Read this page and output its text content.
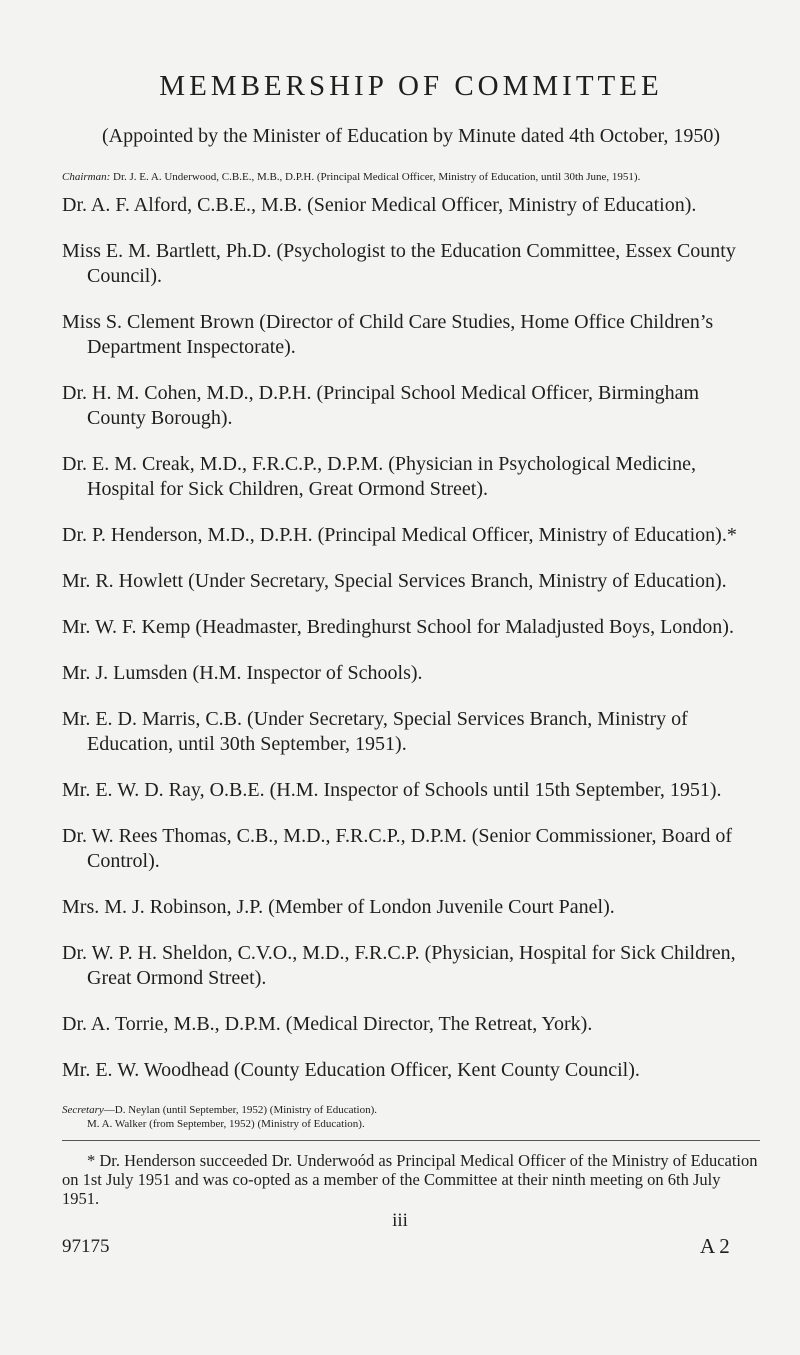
MEMBERSHIP OF COMMITTEE
(Appointed by the Minister of Education by Minute dated 4th October, 1950)
Chairman: Dr. J. E. A. Underwood, C.B.E., M.B., D.P.H. (Principal Medical Officer, Ministry of Education, until 30th June, 1951).
Dr. A. F. Alford, C.B.E., M.B. (Senior Medical Officer, Ministry of Education).
Miss E. M. Bartlett, Ph.D. (Psychologist to the Education Committee, Essex County Council).
Miss S. Clement Brown (Director of Child Care Studies, Home Office Children’s Department Inspectorate).
Dr. H. M. Cohen, M.D., D.P.H. (Principal School Medical Officer, Birmingham County Borough).
Dr. E. M. Creak, M.D., F.R.C.P., D.P.M. (Physician in Psychological Medicine, Hospital for Sick Children, Great Ormond Street).
Dr. P. Henderson, M.D., D.P.H. (Principal Medical Officer, Ministry of Education).*
Mr. R. Howlett (Under Secretary, Special Services Branch, Ministry of Education).
Mr. W. F. Kemp (Headmaster, Bredinghurst School for Maladjusted Boys, London).
Mr. J. Lumsden (H.M. Inspector of Schools).
Mr. E. D. Marris, C.B. (Under Secretary, Special Services Branch, Ministry of Education, until 30th September, 1951).
Mr. E. W. D. Ray, O.B.E. (H.M. Inspector of Schools until 15th September, 1951).
Dr. W. Rees Thomas, C.B., M.D., F.R.C.P., D.P.M. (Senior Commissioner, Board of Control).
Mrs. M. J. Robinson, J.P. (Member of London Juvenile Court Panel).
Dr. W. P. H. Sheldon, C.V.O., M.D., F.R.C.P. (Physician, Hospital for Sick Children, Great Ormond Street).
Dr. A. Torrie, M.B., D.P.M. (Medical Director, The Retreat, York).
Mr. E. W. Woodhead (County Education Officer, Kent County Council).
Secretary—D. Neylan (until September, 1952) (Ministry of Education).
M. A. Walker (from September, 1952) (Ministry of Education).
* Dr. Henderson succeeded Dr. Underwoód as Principal Medical Officer of the Ministry of Education on 1st July 1951 and was co-opted as a member of the Committee at their ninth meeting on 6th July 1951.
iii
97175	A 2
